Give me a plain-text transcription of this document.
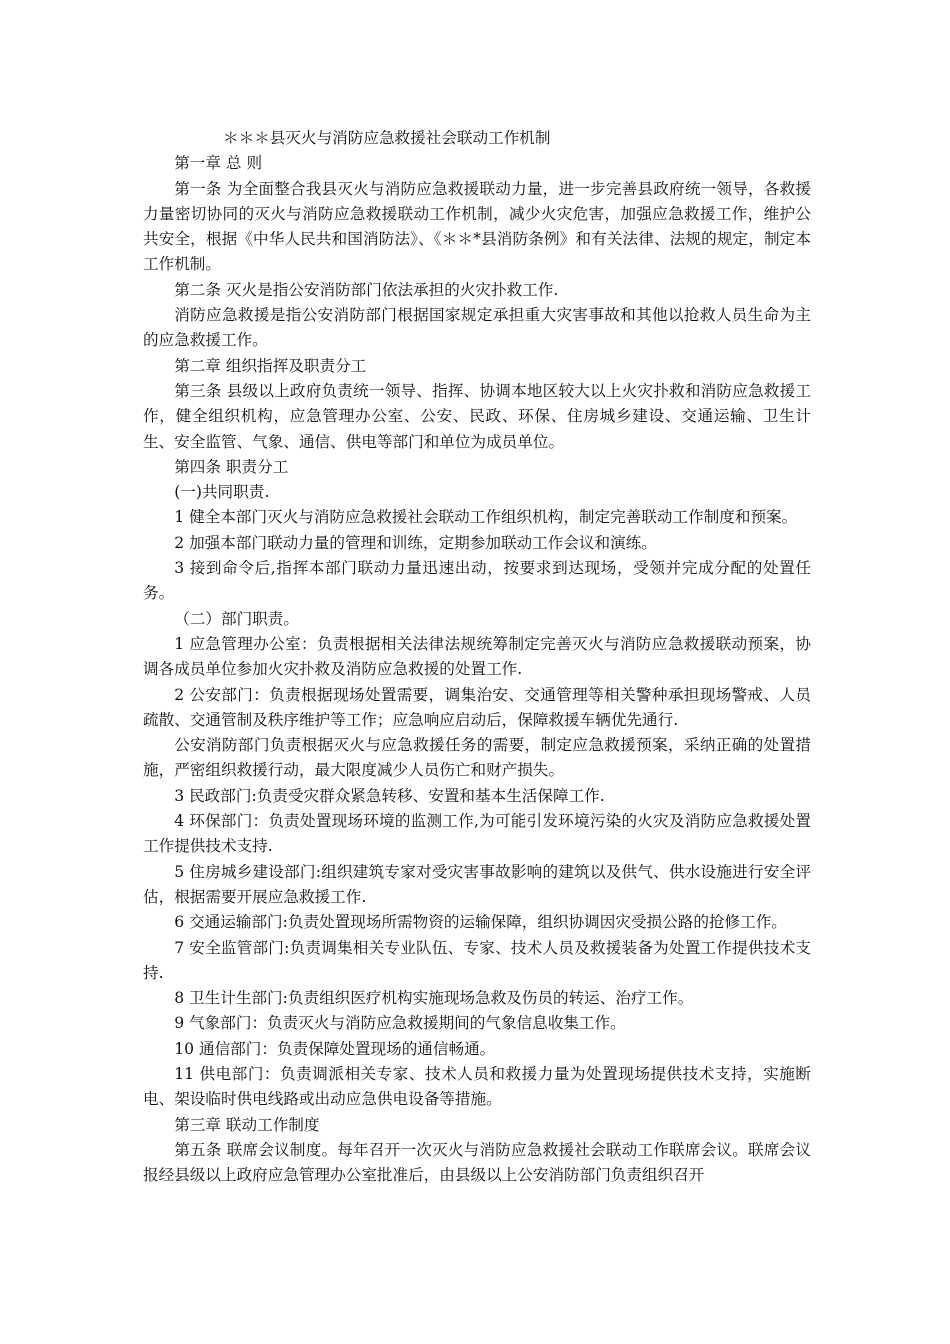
＊＊＊县灭火与消防应急救援社会联动工作机制

第一章 总 则

第一条 为全面整合我县灭火与消防应急救援联动力量，进一步完善县政府统一领导，各救援力量密切协同的灭火与消防应急救援联动工作机制，减少火灾危害，加强应急救援工作，维护公共安全，根据《中华人民共和国消防法》、《＊＊*县消防条例》和有关法律、法规的规定，制定本工作机制。

第二条 灭火是指公安消防部门依法承担的火灾扑救工作.

消防应急救援是指公安消防部门根据国家规定承担重大灾害事故和其他以抢救人员生命为主的应急救援工作。

第二章 组织指挥及职责分工

第三条 县级以上政府负责统一领导、指挥、协调本地区较大以上火灾扑救和消防应急救援工作，健全组织机构，应急管理办公室、公安、民政、环保、住房城乡建设、交通运输、卫生计生、安全监管、气象、通信、供电等部门和单位为成员单位。

第四条 职责分工

(一)共同职责.

1 健全本部门灭火与消防应急救援社会联动工作组织机构，制定完善联动工作制度和预案。

2 加强本部门联动力量的管理和训练，定期参加联动工作会议和演练。

3 接到命令后,指挥本部门联动力量迅速出动，按要求到达现场，受领并完成分配的处置任务。

（二）部门职责。

1 应急管理办公室：负责根据相关法律法规统筹制定完善灭火与消防应急救援联动预案，协调各成员单位参加火灾扑救及消防应急救援的处置工作.

2 公安部门：负责根据现场处置需要，调集治安、交通管理等相关警种承担现场警戒、人员疏散、交通管制及秩序维护等工作；应急响应启动后，保障救援车辆优先通行.

公安消防部门负责根据灭火与应急救援任务的需要，制定应急救援预案，采纳正确的处置措施，严密组织救援行动，最大限度减少人员伤亡和财产损失。

3 民政部门:负责受灾群众紧急转移、安置和基本生活保障工作.

4 环保部门：负责处置现场环境的监测工作,为可能引发环境污染的火灾及消防应急救援处置工作提供技术支持.

5 住房城乡建设部门:组织建筑专家对受灾害事故影响的建筑以及供气、供水设施进行安全评估，根据需要开展应急救援工作.

6 交通运输部门:负责处置现场所需物资的运输保障，组织协调因灾受损公路的抢修工作。

7 安全监管部门:负责调集相关专业队伍、专家、技术人员及救援装备为处置工作提供技术支持.

8 卫生计生部门:负责组织医疗机构实施现场急救及伤员的转运、治疗工作。

9 气象部门：负责灭火与消防应急救援期间的气象信息收集工作。

10 通信部门：负责保障处置现场的通信畅通。

11 供电部门：负责调派相关专家、技术人员和救援力量为处置现场提供技术支持，实施断电、架设临时供电线路或出动应急供电设备等措施。

第三章 联动工作制度

第五条 联席会议制度。每年召开一次灭火与消防应急救援社会联动工作联席会议。联席会议报经县级以上政府应急管理办公室批准后，由县级以上公安消防部门负责组织召开
